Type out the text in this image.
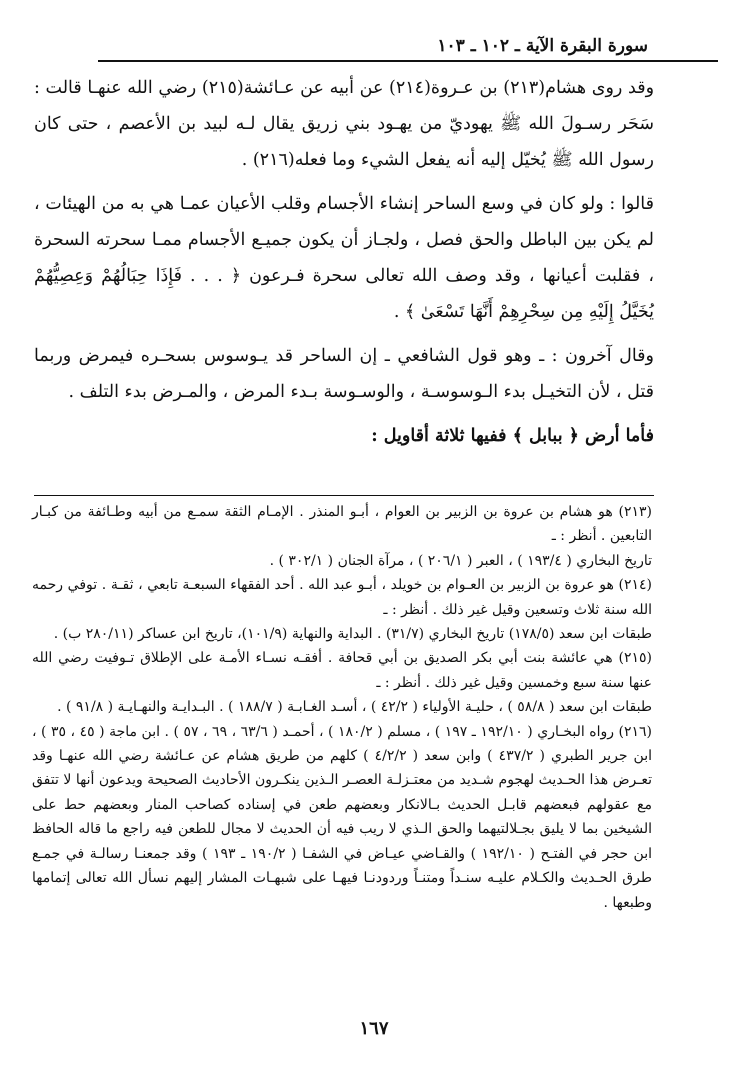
سورة البقرة الآية ـ ١٠٢ ـ ١٠٣

وقد روى هشام(٢١٣) بن عـروة(٢١٤) عن أبيه عن عـائشة(٢١٥) رضي الله عنهـا قالت : سَحَر رسـولَ الله ﷺ يهوديّ من يهـود بني زريق يقال لـه لبيد بن الأعصم ، حتى كان رسول الله ﷺ يُخيّل إليه أنه يفعل الشيء وما فعله(٢١٦) .

قالوا : ولو كان في وسع الساحر إنشاء الأجسام وقلب الأعيان عمـا هي به من الهيئات ، لم يكن بين الباطل والحق فصل ، ولجـاز أن يكون جميـع الأجسام ممـا سحرته السحرة ، فقلبت أعيانها ، وقد وصف الله تعالى سحرة فـرعون ﴿ . . . فَإِذَا حِبَالُهُمْ وَعِصِيُّهُمْ يُخَيَّلُ إِلَيْهِ مِن سِحْرِهِمْ أَنَّهَا تَسْعَىٰ ﴾ .

وقال آخرون : ـ وهو قول الشافعي ـ إن الساحر قد يـوسوس بسحـره فيمرض وربما قتل ، لأن التخيـل بدء الـوسوسـة ، والوسـوسة بـدء المرض ، والمـرض بدء التلف .

فأما أرض ﴿ ببابل ﴾ ففيها ثلاثة أقاويل :

(٢١٣) هو هشام بن عروة بن الزبير بن العوام ، أبـو المنذر . الإمـام الثقة سمـع من أبيه وطـائفة من كبـار التابعين . أنظر : ـ

تاريخ البخاري ( ١٩٣/٤ ) ، العبر ( ٢٠٦/١ ) ، مرآة الجنان ( ٣٠٢/١ ) .

(٢١٤) هو عروة بن الزبير بن العـوام بن خويلد ، أبـو عبد الله . أحد الفقهاء السبعـة تابعي ، ثقـة . توفي رحمه الله سنة ثلاث وتسعين وقيل غير ذلك . أنظر : ـ

طبقات ابن سعد (١٧٨/٥) تاريخ البخاري (٣١/٧) . البداية والنهاية (١٠١/٩)، تاريخ ابن عساكر (٢٨٠/١١ ب) .

(٢١٥) هي عائشة بنت أبي بكر الصديق بن أبي قحافة . أفقـه نسـاء الأمـة على الإطلاق تـوفيت رضي الله عنها سنة سبع وخمسين وقيل غير ذلك . أنظر : ـ

طبقات ابن سعد ( ٥٨/٨ ) ، حليـة الأولياء ( ٤٢/٢ ) ، أسـد الغـابـة ( ١٨٨/٧ ) . البـدايـة والنهـايـة ( ٩١/٨ ) .

(٢١٦) رواه البخـاري ( ١٩٢/١٠ ـ ١٩٧ ) ، مسلم ( ١٨٠/٢ ) ، أحمـد ( ٦٣/٦ ، ٦٩ ، ٥٧ ) . ابن ماجة ( ٤٥ ، ٣٥ ) ، ابن جرير الطبري ( ٤٣٧/٢ ) وابن سعد ( ٤/٢/٢ ) كلهم من طريق هشام عن عـائشة رضي الله عنهـا وقد تعـرض هذا الحـديث لهجوم شـديد من معتـزلـة العصـر الـذين ينكـرون الأحاديث الصحيحة ويدعون أنها لا تتفق مع عقولهم فبعضهم قابـل الحديث بـالانكار وبعضهم طعن في إسناده كصاحب المنار وبعضهم حط على الشيخين بما لا يليق بجـلالتيهما والحق الـذي لا ريب فيه أن الحديث لا مجال للطعن فيه راجع ما قاله الحافظ ابن حجر في الفتـح ( ١٩٢/١٠ ) والقـاضي عيـاض في الشفـا ( ١٩٠/٢ ـ ١٩٣ ) وقد جمعنـا رسالـة في جمـع طرق الحـديث والكـلام عليـه سنـداً ومتنـاً وردودنـا فيهـا على شبهـات المشار إليهم نسأل الله تعالى إتمامها وطبعها .

١٦٧
